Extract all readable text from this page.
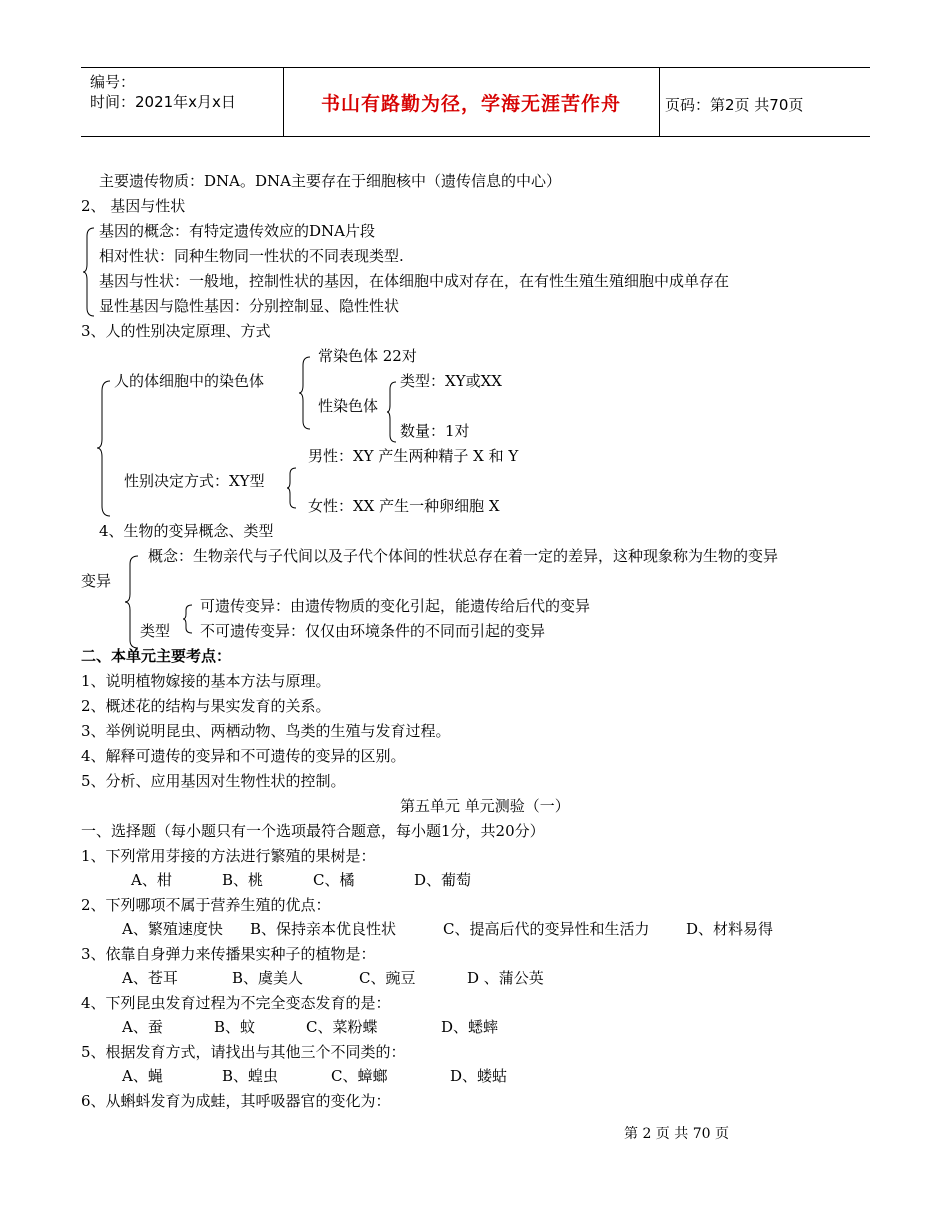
编号：
时间：2021年x月x日	书山有路勤为径，学海无涯苦作舟	页码：第2页 共70页
主要遗传物质：DNA。DNA主要存在于细胞核中（遗传信息的中心）
2、 基因与性状
基因的概念：有特定遗传效应的DNA片段
相对性状：同种生物同一性状的不同表现类型.
基因与性状：一般地，控制性状的基因，在体细胞中成对存在，在有性生殖生殖细胞中成单存在
显性基因与隐性基因：分别控制显、隐性性状
3、人的性别决定原理、方式
人的体细胞中的染色体
常染色体 22对
性染色体
类型：XY或XX
数量：1对
男性：XY 产生两种精子 X 和 Y
性别决定方式：XY型
女性：XX 产生一种卵细胞 X
4、生物的变异概念、类型
概念：生物亲代与子代间以及子代个体间的性状总存在着一定的差异，这种现象称为生物的变异
变异
可遗传变异：由遗传物质的变化引起，能遗传给后代的变异
类型 不可遗传变异：仅仅由环境条件的不同而引起的变异
二、本单元主要考点：
1、说明植物嫁接的基本方法与原理。
2、概述花的结构与果实发育的关系。
3、举例说明昆虫、两栖动物、鸟类的生殖与发育过程。
4、解释可遗传的变异和不可遗传的变异的区别。
5、分析、应用基因对生物性状的控制。
第五单元 单元测验（一）
一、选择题（每小题只有一个选项最符合题意，每小题1分，共20分）
1、下列常用芽接的方法进行繁殖的果树是：
A、柑	B、桃	C、橘	D、葡萄
2、下列哪项不属于营养生殖的优点：
A、繁殖速度快 B、保持亲本优良性状	C、提高后代的变异性和生活力 D、材料易得
3、依靠自身弹力来传播果实种子的植物是：
A、苍耳	B、虞美人	C、豌豆	D 、蒲公英
4、下列昆虫发育过程为不完全变态发育的是：
A、蚕	B、蚊	C、菜粉蝶	D、蟋蟀
5、根据发育方式，请找出与其他三个不同类的：
A、蝇	B、蝗虫	C、蟑螂	D、蝼蛄
6、从蝌蚪发育为成蛙，其呼吸器官的变化为：
第 2 页 共 70 页
